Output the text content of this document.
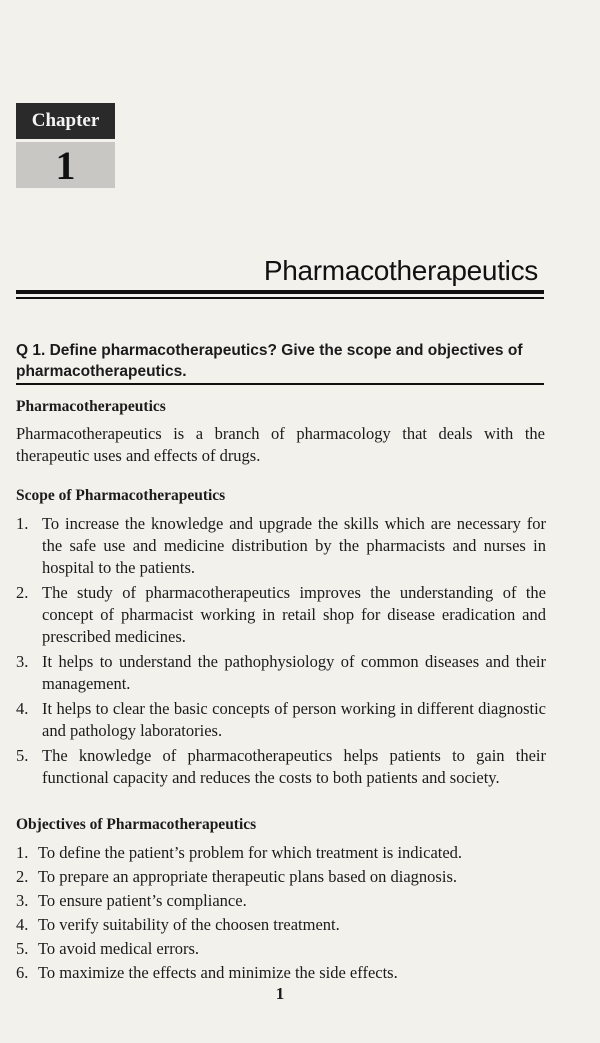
Chapter
1
Pharmacotherapeutics
Q 1. Define pharmacotherapeutics? Give the scope and objectives of pharmacotherapeutics.
Pharmacotherapeutics
Pharmacotherapeutics is a branch of pharmacology that deals with the therapeutic uses and effects of drugs.
Scope of Pharmacotherapeutics
1. To increase the knowledge and upgrade the skills which are necessary for the safe use and medicine distribution by the pharmacists and nurses in hospital to the patients.
2. The study of pharmacotherapeutics improves the understanding of the concept of pharmacist working in retail shop for disease eradication and prescribed medicines.
3. It helps to understand the pathophysiology of common diseases and their management.
4. It helps to clear the basic concepts of person working in different diagnostic and pathology laboratories.
5. The knowledge of pharmacotherapeutics helps patients to gain their functional capacity and reduces the costs to both patients and society.
Objectives of Pharmacotherapeutics
1. To define the patient’s problem for which treatment is indicated.
2. To prepare an appropriate therapeutic plans based on diagnosis.
3. To ensure patient’s compliance.
4. To verify suitability of the choosen treatment.
5. To avoid medical errors.
6. To maximize the effects and minimize the side effects.
1
